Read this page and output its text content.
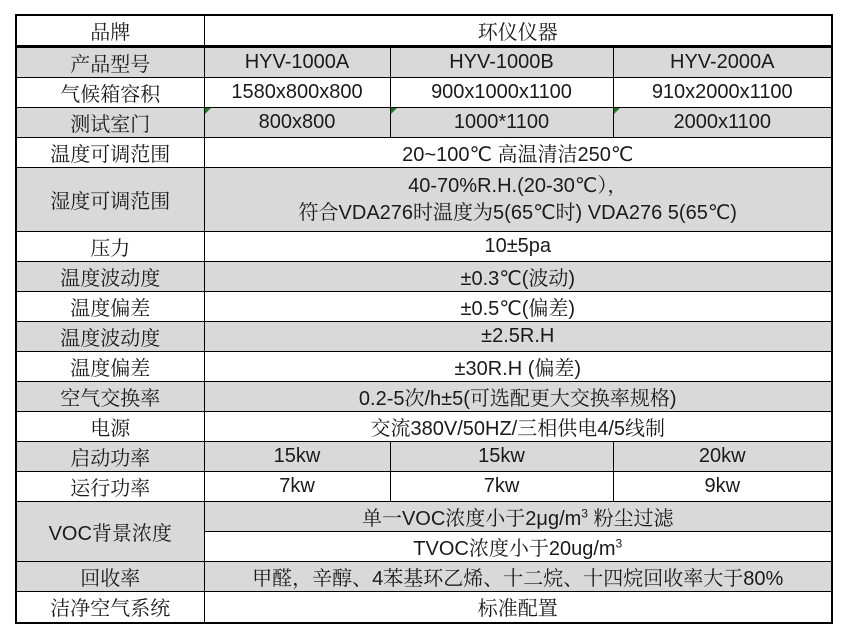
品牌	环仪仪器		
产品型号	HYV-1000A	HYV-1000B	HYV-2000A
气候箱容积	1580x800x800	900x1000x1100	910x2000x1100
测试室门	800x800	1000*1100	2000x1100
温度可调范围	20~100℃ 高温清洁250℃		
湿度可调范围	40-70%R.H.(20-30℃），
符合VDA276时温度为5(65℃时) VDA276 5(65℃)		

压力	10±5pa		
温度波动度	±0.3℃(波动)		
温度偏差	±0.5℃(偏差)		
温度波动度	±2.5R.H		
温度偏差	±30R.H (偏差)		
空气交换率	0.2-5次/h±5(可选配更大交换率规格)		
电源	交流380V/50HZ/三相供电4/5线制		
启动功率	15kw	15kw	20kw
运行功率	7kw	7kw	9kw
VOC背景浓度	单一VOC浓度小于$2\mu g/m^3$ 粉尘过滤		
	TVOC浓度小于$20ug/m^3$
回收率	甲醛，辛醇、4苯基环乙烯、十二烷、十四烷回收率大于80%		
洁净空气系统	标准配置		
